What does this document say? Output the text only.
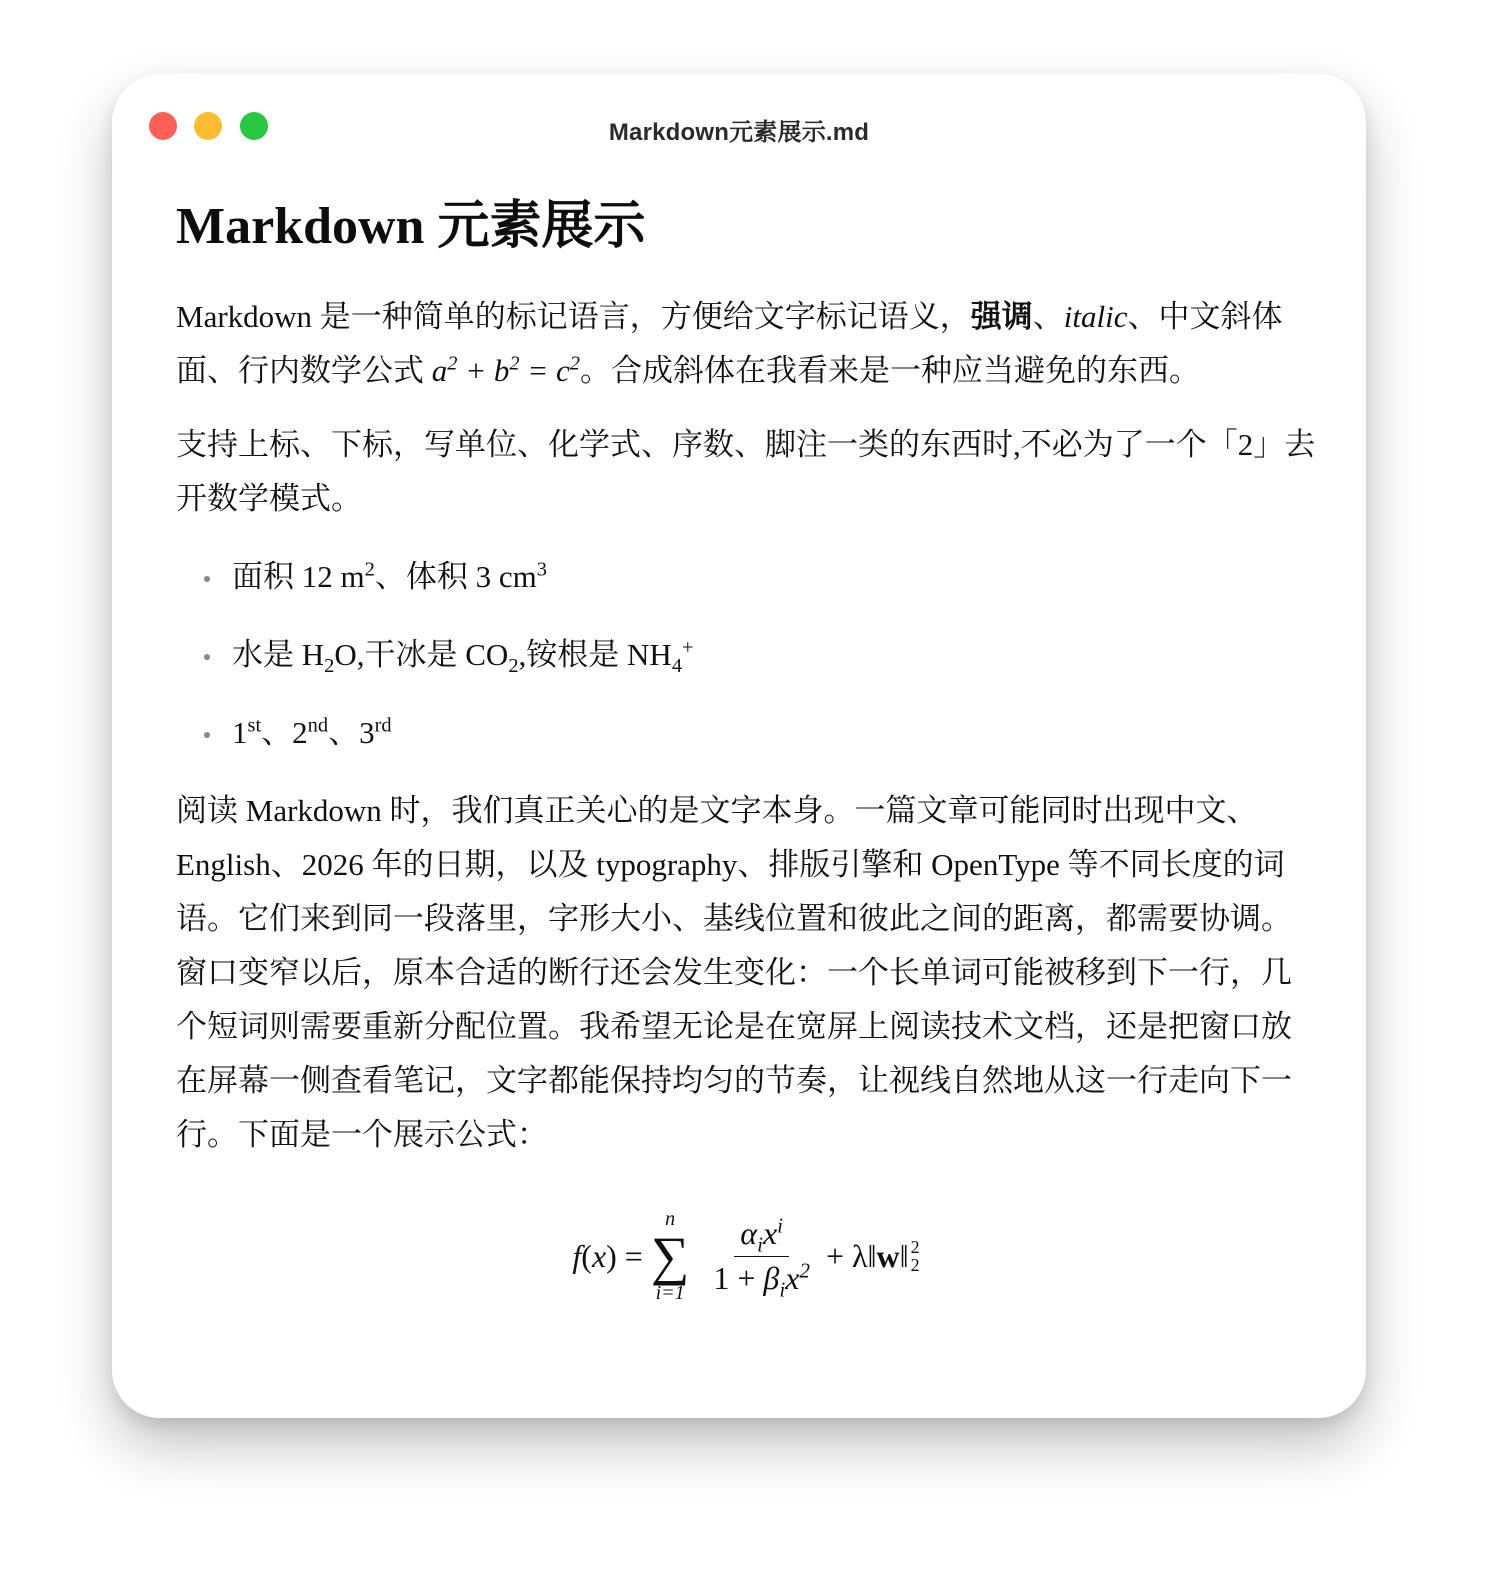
Markdown元素展示.md
Markdown 元素展示

Markdown 是一种简单的标记语言，方便给文字标记语义，强调、italic、中文斜体面、行内数学公式 $a^2 + b^2 = c^2$。合成斜体在我看来是一种应当避免的东西。

支持上标、下标，写单位、化学式、序数、脚注一类的东西时,不必为了一个「2」去开数学模式。

面积 12 $m^2$、体积 3 $cm^3$
水是 $H_2O$,干冰是 $CO_2$,铵根是 $NH_4^+$
1st、2nd、3rd

阅读 Markdown 时，我们真正关心的是文字本身。一篇文章可能同时出现中文、English、2026 年的日期，以及 typography、排版引擎和 OpenType 等不同长度的词语。它们来到同一段落里，字形大小、基线位置和彼此之间的距离，都需要协调。窗口变窄以后，原本合适的断行还会发生变化：一个长单词可能被移到下一行，几个短词则需要重新分配位置。我希望无论是在宽屏上阅读技术文档，还是把窗口放在屏幕一侧查看笔记，文字都能保持均匀的节奏，让视线自然地从这一行走向下一行。下面是一个展示公式：

f ( x ) =
n
∑
$i=1 \frac{\alpha_ix^i}{1 + \beta_ix^2}$ + λ‖ w ‖ 2
2
